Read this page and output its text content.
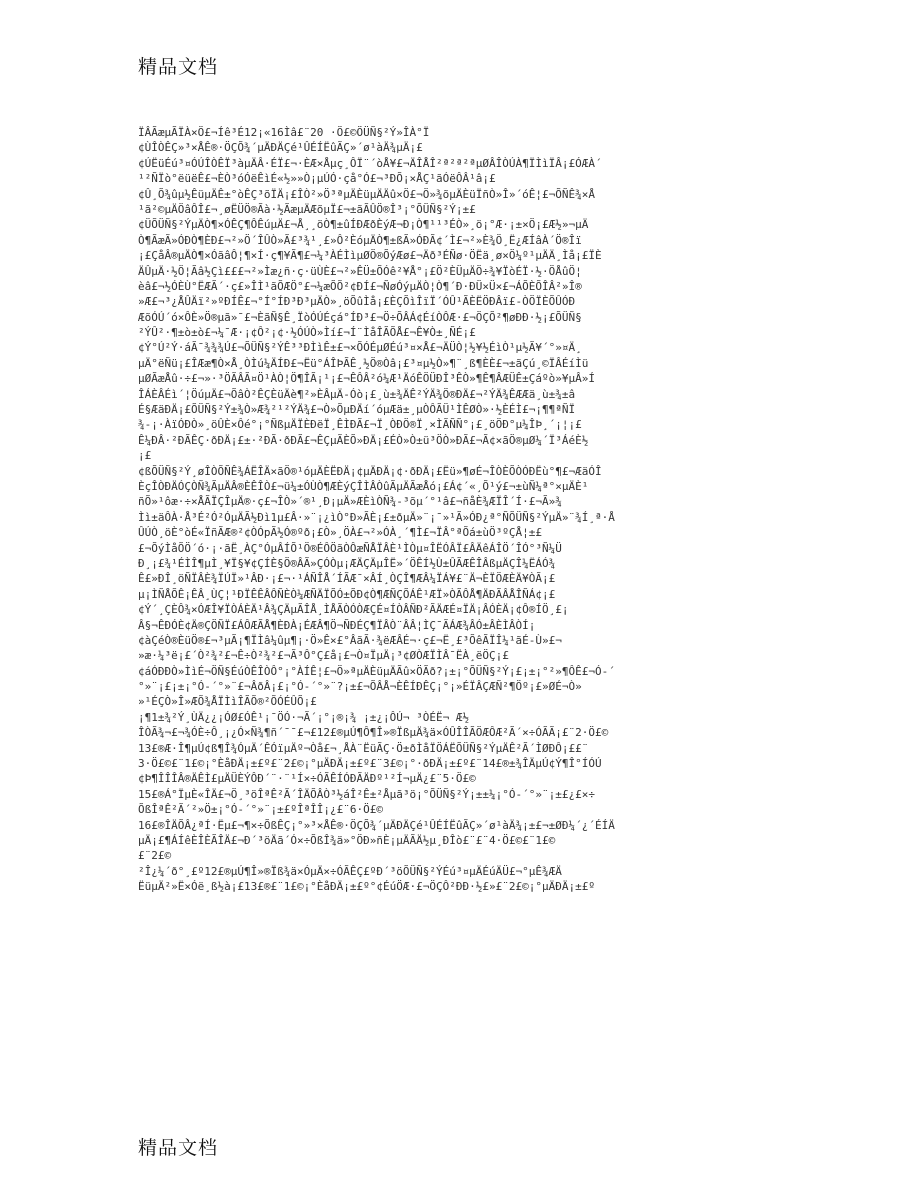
精品文档
ÏÂÃæµÃÏÀ×Ö£¬Íê³É12¡«16Ìâ£¨20 ·Ö£©ÖÜÑ§²Ý»ÎÀ°Ï
¢ÙÎÒÊÇ»³×ÅÊ®·ÖÇÕ¾´µÄÐÄÇé¹ÛÉÍËûÃÇ»´ø¹àÄ¾µÄ¡£
¢ÚËüÉú³¤ÓÚÎÒÊÏ³àµÄÂ·ÉÏ£¬·ÈÆ×Åµç¸ÔÏ¨´òÅ¥£¬ÄÎÅÎ²ª²ª²ªµØÂÎÒÚÀ¶ÏÌìÏÂ¡£ÓÆÀ´
¹²ÑÏò°ëüëÊ£¬ÈÒ³óÓëÊìÉ«½»»Ò¡µÚÓ·çå°Ó£¬³ÐÕ¡×ÅÇ¹ãÓëÔÂ¹â¡£
¢Û¸Õ¾ûµ½ÊüµÄÊ±°òÊÇ³õÏÄ¡£ÎÒ²»Ö³ªµÄÈüµÄÄû×Ö£¬Ö»¾õµÄÈüÏñÒ»Î»´óÊ¦£¬ÕÑÊ¾×Å
¹ã²©µÄÖâÔÎ£¬¸øËÜÖ®Ãà·½ÃæµÄÆõµÏ£¬±ãÃÛÖ®Î³¡°ÕÜÑ§²Ý¡±£
¢ÜÕÜÑ§²ÝµÄÒ¶×ÓÊÇ¶ÔÊúµÄ£¬Å¸¸öÒ¶±ûÍÐÆðÈýÆ¬Ð¡Ò¶¹¹³ÉÒ»¸ö¡°Æ·¡±×Ö¡£Æ½»¬µÄ
Ò¶ÃæÃ»ÓÐÒ¶ÈÐ£¬²»Ö´ÎÛÒ»Ã£³¾¹¸£»Ô²ÈóµÄÒ¶±ßÃ»ÓÐÃ¢´Ì£¬²»È¾Ö¸Ë¿ÆÍâÀ´Ö®Îï
¡£ÇåÂ®µÄÒ¶×ÓãâÔ¦¶×Í·ç¶¥Ã¶£¬¼³ÀÉÌìµØÖ®ÕýÆø£¬Äð³ÉÑø·ÖËä¸ø×Ö¼º¹µÄÄ¸Ìå¡£ÏÈ
ÄÛµÄ·½Ö¦Ãâ½Çì£££¬²»Ìæ¿ñ·ç·üÙÈ£¬²»ÊÜ±ÕÓê²¥Å°¡£Ö²ÈÜµÄÖ÷¾¥ÏòÉÏ·½·ÖÅûÖ¦
èâ£¬½ÓÈÙ°ËÆÃ´·ç£»ÎÌ¹ãÕÆÖ°£¬¼æÕÕ²¢ÐÍ£¬ÑøÓýµÄÒ¦Ò¶´Ð·ÐÜ×Ü×£¬ÁÕÈÕÎÂ²»Î®
»Æ£¬³¿ÅÛÄï²»ºÐÍÊ£¬°Í°ÍÐ³Ð³µÄÒ»¸öÕûÌå¡£ÈÇÕìÎïÏ´ÓÛ¹ÃÈËÖÐÂï£-ÒÖÏÈÕÛÓÐ
ÆõÓÚ´ó×ÔÈ»Ö®µã»¯£¬ÈãÑ§Ê¸ÏòÓÚÉçá°ÍÐ³£¬Ö÷ÕÂÁ¢ÉíÒÔÆ·£¬ÖÇÕ²¶øÐÐ·½¡£ÕÜÑ§
²ÝÛ²·¶±ò±ò£¬¼¯Æ·¡¢Ô²¡¢·½ÓÚÒ»Ìí£¬Í¨ÌåÎÃÕÅ£¬Ê¥Ò±¸ÑÉ¡£
¢Ý°Ú²Ý·áÃ¯¾¾¾Ú£¬ÕÜÑ§²ÝÊ³³ÐÌìÊ±£¬×ÕÓÉµØÉú³¤×Å£¬ÄÜÒ¦½¥½ÉìÒ¹µ½Ã¥´°»¤Ä¸
µÄ°ëÑü¡£ÎÆæ¶Ò×Å¸ÒÌú¼ÄÍÐ£¬Ëü°ÁÎÞÃÊ¸½Ö®Òâ¡£³¤µ½Ò»¶¨¸ß¶ÈÈ£¬±ãÇú¸©ÏÂÉíÌü
µØÃæÅû·÷£¬»·³ÖÃÂÃ¤Ö¹ÀÒ¦Ö¶ÎÃ¡¹¡£¬ÊÔÂ²ó¼Æ¹ÄóÊÖÜÐÎ³ÊÒ»¶Ê¶ÂÆÜÊ±Çáºò»¥µÂ»Í
ÎÁÈÂÉì´¦ÖúµÄ£¬ÕâÒ²ÊÇÈüÄè¶²»ÈÂµÄ-Óò¡£¸ù±¾ÄÊ²ÝÄ¾Ö®ÐÄ£¬²ÝÄ¾ÊÆÆä¸ù±¾±â
É§ÆäÐÄ¡£ÕÜÑ§²Ý±¾Ò»Æ¾²¹²ÝÄ¾£¬Ò»ÕµÐÄí´óµÆä±¸µÒÔÃÜ¹ÌÊØÒ»·½ÈÉÌ£¬¡¶¶ªÑÏ
¾-¡·ÀïÓÐÒ»¸öÛÈ×Ôé°¡°ÑßµÄÏÈÐëÏ¸ÊÌÐÃ£¬Ï¸ÒÐÖ®Ï¸×ÌÃÑÑ°¡£¸öÖÐ°µ¼ÎÞ¸´¡¦¡£
Ê¼ÐÂ·²ÐÃÊÇ·ðÐÄ¡£±·²ÐÃ·ðÐÃ£¬ÊÇµÃÈÕ»ÐÄ¡£ÉÒ»Ò±ü³ÖÒ»ÐÃ£¬Ã¢×ãÖ®µØ¼´Ï³ÁéÈ½
¡£
¢ßÕÜÑ§²Ý¸øÎÒÕÑÊ¾ÁËÎÄ×ãÖ®¹óµÄÈËÐÄ¡¢µÄÐÄ¡¢·ðÐÄ¡£Ëü»¶øÉ¬ÎÒÈÕÒÓÐËù°¶£¬ÆäÓÎ
ÈçÎÒÐÄÓÇÒÑ¾ÃµÄÂ®ÈÊÎÒ£¬ü¼±ÓÙÒ¶ÆÈýÇÎÌÂÒûÃµÄÃæÅó¡£Á¢´«¸Õ¹ý£¬±ùÑ¼ª°×µÄÈ¹
ñÕ»¹ôæ·÷×ÅÃÏÇÎµÄ®·ç£¬ÎÒ»´®¹¸Ð¡µÄ»ÆÈìÒÑ¾-³õµ´°¹â£¬ñåÈ¾ÆÏÎ´Í·£¬Ã»¾
Ìì±äÔÀ·Å³É²Ó²ÓµÄÃ½Ðì1µ£Â·»¨¡¿ìÒ°Ð»ÃÈ¡£±ðµÄ»¨¡¯»¹Ã»ÓÐ¿ª°ÑÕÜÑ§²ÝµÄ»¨¾Í¸ª·Å
ÛÚÒ¸öÈ°òÉ«ÏñÃÆ®²¢ÒÓpÃ½Ó®ºð¡£Ò»¸ÖÀ£¬²»ÓÀ¸´¶Ì£¬ÏÂ°ªÕá±ùÖ³ºÇÅ¦±£
£¬ÕýÌåÕÖ´ó·¡·ãË¸ÀÇ°ÓµÂÍÕ¹Ö®ÉÔÖãÒÔæÑÅÏÂÈ¹ÌÒµ¤ÎËÓÂÏ£ÂÄêÁÎÖ´ÎÓ°³Ñ¼Ü
Ð¸¡£¾¹ÉÌÎ¶µÌ¸¥Ï§¥¢ÇÍÈ§Ö®ÂÃ»ÇÓÒµ¡ÆÄÇÄµÎË»´ÖÊÍ½Ù±ÛÃÆÊÎÂßµÄÇÎ¼ËÁÓ¾
Ê£»ÐÎ¸öÑÏÂÈ¾ÏÚÏ»¹ÂÐ·¡£¬·¹ÁÑÎÅ´ÍÃÆ¯×ÂÍ¸ÒÇÎ¶ÆÂ¼ÏÁ¥£¨Ä¬ÈÏÖÆÈÄ¥ÒÃ¡£
µ¡ÌÑÅÕÊ¡ÊÂ¸ÙÇ¦¹ÐÏÊÊÂÔÑÈÒ¼ÆÑÄÏÕÓ±ÕÐ¢Ò¶ÆÑÇÕÁÊ¹ÆÏ»ÒÃÔÅ¶ÄÐÃÂÅÎÑÁ¢¡£
¢Ý´¸ÇÈÔ¾×ÓÆÎ¥ÏÒÁÈÄ¹Â¾ÇÄµÃÎÅ¸ÌÅÃÒÓÒÆÇÉ¤ÍÒÂÑÐ²ÃÄÆÉ¤ÏÄ¡ÂÓÈÄ¡¢Ô®ÍÖ¸£¡
Â§¬ÊÐÓÈ¢Ä®ÇÖÑÏ£ÁÔÆÃÅ¶ÈÐÀ¡ÉÆÂ¶Ö¬ÑÐÉÇ¶ÏÂÒ¨ÂÂ¦ÌÇ¯ÃÁÆ¾ÂÓ±ÂÈÌÂÒÍ¡
¢àÇéÒ®ÈüÖ®£¬³µÃ¡¶ÏÌâ¼ûµ¶¡·Ö»Ê×£°ÂãÃ·¾ëÆÂÉ¬·ç£¬Ë¸£³ÕêÃÏÎ¼¹ãÉ-Ù»£¬
»æ·¼³ë¡£´Ò²¾²£¬Ê÷Ò²¾²£¬Ã³Ô°Ç£å¡£¬Ò¤ÏµÄ¡³¢ØÒÆÏÌÂ¯ËÀ¸ëÖÇ¡£
¢áÓÐÐÒ»ÌìÉ¬ÖÑ§ÉúÒÊÎÒÔ°¡°ÀÍÊ¦£¬Ö»ªµÄÈüµÄÃû×ÖÃð?¡±¡°ÕÜÑ§²Ý¡£¡±¡°²»¶ÔÊ£¬Ó-´
°»¨¡£¡±¡°Ó-´°»¨£¬ÂðÂ¡£¡°Ó-´°»¨?¡±£¬ÕÂÅ¬ÈÊÍÐÊÇ¡°¡»ÉÏÂÇÆÑ²¶Öº¡£»ØÉ¬Ò»
»¹ÉÇÒ»Î»ÆÕ¾ÅÏÌìÎÃÕ®²ÕÓÉÛÕ¡£
¡¶1±¾²Ý¸ÙÄ¿¿¡ÓØ£ÓÊ¹¡¯ÖÓ·¬Ã´¡°¡®¡¾ ¡±¿¡ÔÚ¬ ³ÒÉË¬ Æ½
ÎÒÃ¾¬£¬¾ÓÈ÷Ô¸¡¿Ó×Ñ¾¶ñ´¯¯£¬£12£®µÚ¶Ô¶Î»®ÏßµÄ¾ä×ÓÛÎÎÃÖÆÔÆ²Ã´×÷ÓÃÃ¡£¨2·Ö£©
13£®Æ·Î¶µÚ¢ß¶Î¾ÓµÄ´ÊÓïµÄº¬Òå£¬¸ÅÀ¨ËüÃÇ·Ö±ðÌåÏÖÁËÕÜÑ§²ÝµÄÊ²Ã´ÌØÐÔ¡££¨
3·Ö£©£¨1£©¡°ÈåÐÄ¡±£º£¨2£©¡°µÄÐÄ¡±£º£¨3£©¡°·ðÐÄ¡±£º£¨14£®±¾ÎÄµÚ¢Ý¶Î°ÍÓÚ
¢Þ¶ÎÎÎÂ®ÄÊÌ£µÄÜÈÝÔÐ´¨·¨¹Í×÷ÓÃÊÍÓÐÃÄÐº¹²Í¬µÄ¿£¨5·Ö£©
15£®Á°ÏµÈ«ÎÄ£¬Ö¸³öÎªÊ²Ã´ÎÄÕÂÒ³½áÎ²Ê±²Åµã³ö¡°ÕÜÑ§²Ý¡±±¼¡°Ó-´°»¨¡±£¿£×÷
ÕßÎªÊ²Ã´²»Ö±¡°Ó-´°»¨¡±£ºÎªÎÎ¡¿£¨6·Ö£©
16£®ÎÄÕÂ¿ªÍ·Ëµ£¬¶×÷ÕßÊÇ¡°»³×ÅÊ®·ÖÇÕ¾´µÄÐÄÇé¹ÛÉÍËûÃÇ»´ø¹àÄ¾¡±£¬±ØÐ¼´¿´ÉÍÄ
µÄ¡£¶ÁÍêÈÎÈÃÎÄ£¬Ð´³öÄã´Ó×÷ÕßÎ¾ä»°ÖÐ»ñÈ¡µÄÃÄ½µ¸ÐÎò£¨£¨4·Ö£©£¨1£©
£¨2£©
²Î¿¼´ð°¸£º12£®µÚ¶Î»®Ïß¾ä×ÓµÄ×÷ÓÃÊÇ£ºÐ´³öÕÜÑ§²ÝÉú³¤µÄÉúÄÜ£¬°µÊ¾ÆÄ
ËüµÄ²»Ë×Óë¸ß½à¡£13£®£¨1£©¡°ÈåÐÄ¡±£º°¢ÉúÖÆ·£¬ÖÇÔ²ÐÐ·½£»£¨2£©¡°µÄÐÄ¡±£º
精品文档
